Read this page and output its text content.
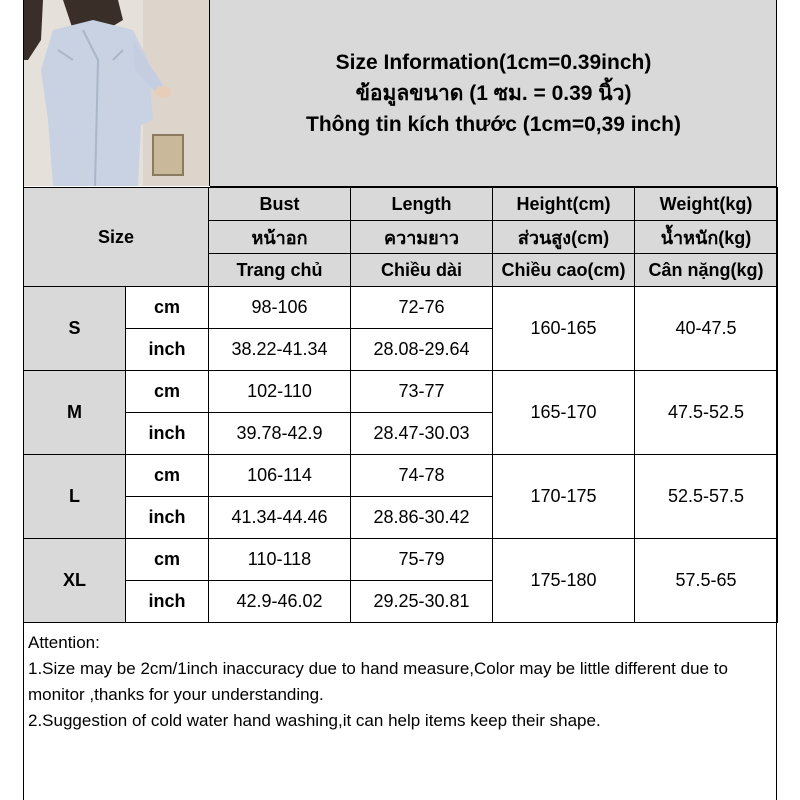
Size Information(1cm=0.39inch)
ข้อมูลขนาด (1 ซม. = 0.39 นิ้ว)
Thông tin kích thước (1cm=0,39 inch)
Size		Bust	Length	Height(cm)	Weight(kg)
		หน้าอก	ความยาว	ส่วนสูง(cm)	น้ำหนัก(kg)
		Trang chủ	Chiều dài	Chiều cao(cm)	Cân nặng(kg)
S	cm	98-106	72-76	160-165	40-47.5
	inch	38.22-41.34	28.08-29.64		
M	cm	102-110	73-77	165-170	47.5-52.5
	inch	39.78-42.9	28.47-30.03		
L	cm	106-114	74-78	170-175	52.5-57.5
	inch	41.34-44.46	28.86-30.42		
XL	cm	110-118	75-79	175-180	57.5-65
	inch	42.9-46.02	29.25-30.81		

Attention:

1.Size may be 2cm/1inch inaccuracy due to hand measure,Color may be little different due to monitor ,thanks for your understanding.

2.Suggestion of cold water hand washing,it can help items keep their shape.
